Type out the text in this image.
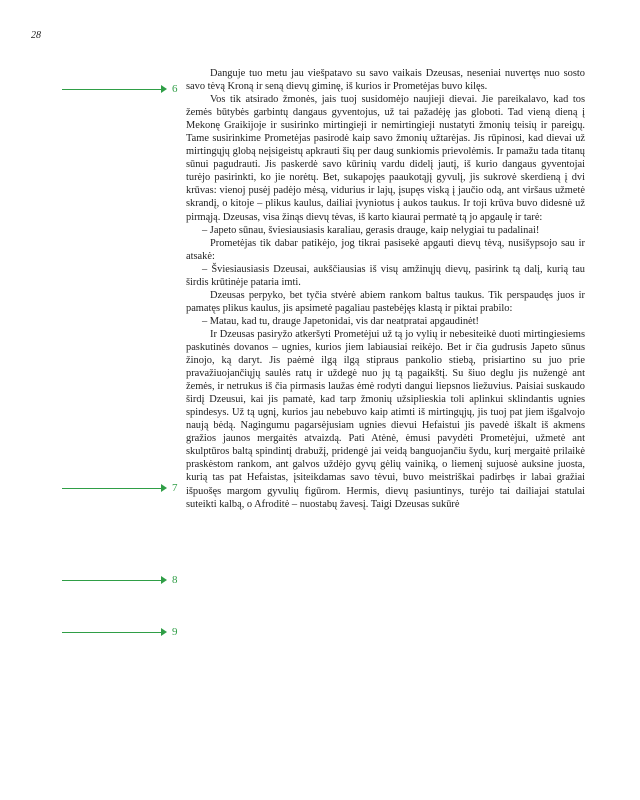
28
6
7
8
9

Danguje tuo metu jau viešpatavo su savo vaikais Dzeusas, neseniai nuvertęs nuo sosto savo tėvą Kroną ir seną dievų giminę, iš kurios ir Prometėjas buvo kilęs.

Vos tik atsirado žmonės, jais tuoj susidomėjo naujieji dievai. Jie pareikalavo, kad tos žemės būtybės garbintų dangaus gyventojus, už tai pažadėję jas globoti. Tad vieną dieną į Mekonę Graikijoje ir susirinko mirtingieji ir nemirtingieji nustatyti žmonių teisių ir pareigų. Tame susirinkime Prometėjas pasirodė kaip savo žmonių užtarėjas. Jis rūpinosi, kad dievai už mirtingųjų globą neįsigeistų apkrauti šių per daug sunkiomis prievolėmis. Ir pamažu tada titanų sūnui pagudrauti. Jis paskerdė savo kūrinių vardu didelį jautį, iš kurio dangaus gyventojai turėjo pasirinkti, ko jie norėtų. Bet, sukapojęs paaukotąjį gyvulį, jis sukrovė skerdieną į dvi krūvas: vienoj pusėj padėjo mėsą, vidurius ir lajų, įsupęs viską į jaučio odą, ant viršaus užmetė skrandį, o kitoje – plikus kaulus, dailiai įvyniotus į aukos taukus. Ir toji krūva buvo didesnė už pirmąją. Dzeusas, visa žinąs dievų tėvas, iš karto kiaurai permatė tą jo apgaulę ir tarė:

– Japeto sūnau, šviesiausiasis karaliau, gerasis drauge, kaip nelygiai tu padalinai!

Prometėjas tik dabar patikėjo, jog tikrai pasisekė apgauti dievų tėvą, nusišypsojo sau ir atsakė:

– Šviesiausiasis Dzeusai, aukščiausias iš visų amžinųjų dievų, pasirink tą dalį, kurią tau širdis krūtinėje pataria imti.

Dzeusas perpyko, bet tyčia stvėrė abiem rankom baltus taukus. Tik perspaudęs juos ir pamatęs plikus kaulus, jis apsimetė pagaliau pastebėjęs klastą ir piktai prabilo:

– Matau, kad tu, drauge Japetonidai, vis dar neatpratai apgaudinėt!

Ir Dzeusas pasiryžo atkeršyti Prometėjui už tą jo vylių ir nebesiteikė duoti mirtingiesiems paskutinės dovanos – ugnies, kurios jiem labiausiai reikėjo. Bet ir čia gudrusis Japeto sūnus žinojo, ką daryt. Jis paėmė ilgą ilgą stipraus pankolio stiebą, prisiartino su juo prie pravažiuojančiųjų saulės ratų ir uždegė nuo jų tą pagaikštį. Su šiuo deglu jis nužengė ant žemės, ir netrukus iš čia pirmasis laužas ėmė rodyti dangui liepsnos liežuvius. Paisiai suskaudo širdį Dzeusui, kai jis pamatė, kad tarp žmonių užsiplieskia toli aplinkui sklindantis ugnies spindesys. Už tą ugnį, kurios jau nebebuvo kaip atimti iš mirtingųjų, jis tuoj pat jiem išgalvojo naują bėdą. Nagingumu pagarsėjusiam ugnies dievui Hefaistui jis pavedė iškalt iš akmens gražios jaunos mergaitės atvaizdą. Pati Atėnė, ėmusi pavydėti Prometėjui, užmetė ant skulptūros baltą spindintį drabužį, pridengė jai veidą banguojančiu šydu, kurį mergaitė prilaikė praskėstom rankom, ant galvos uždėjo gyvų gėlių vainiką, o liemenį sujuosė auksine juosta, kurią tas pat Hefaistas, įsiteikdamas savo tėvui, buvo meistriškai padirbęs ir labai gražiai išpuošęs margom gyvulių figūrom. Hermis, dievų pasiuntinys, turėjo tai dailiajai statulai suteikti kalbą, o Afroditė – nuostabų žavesį. Taigi Dzeusas sukūrė
